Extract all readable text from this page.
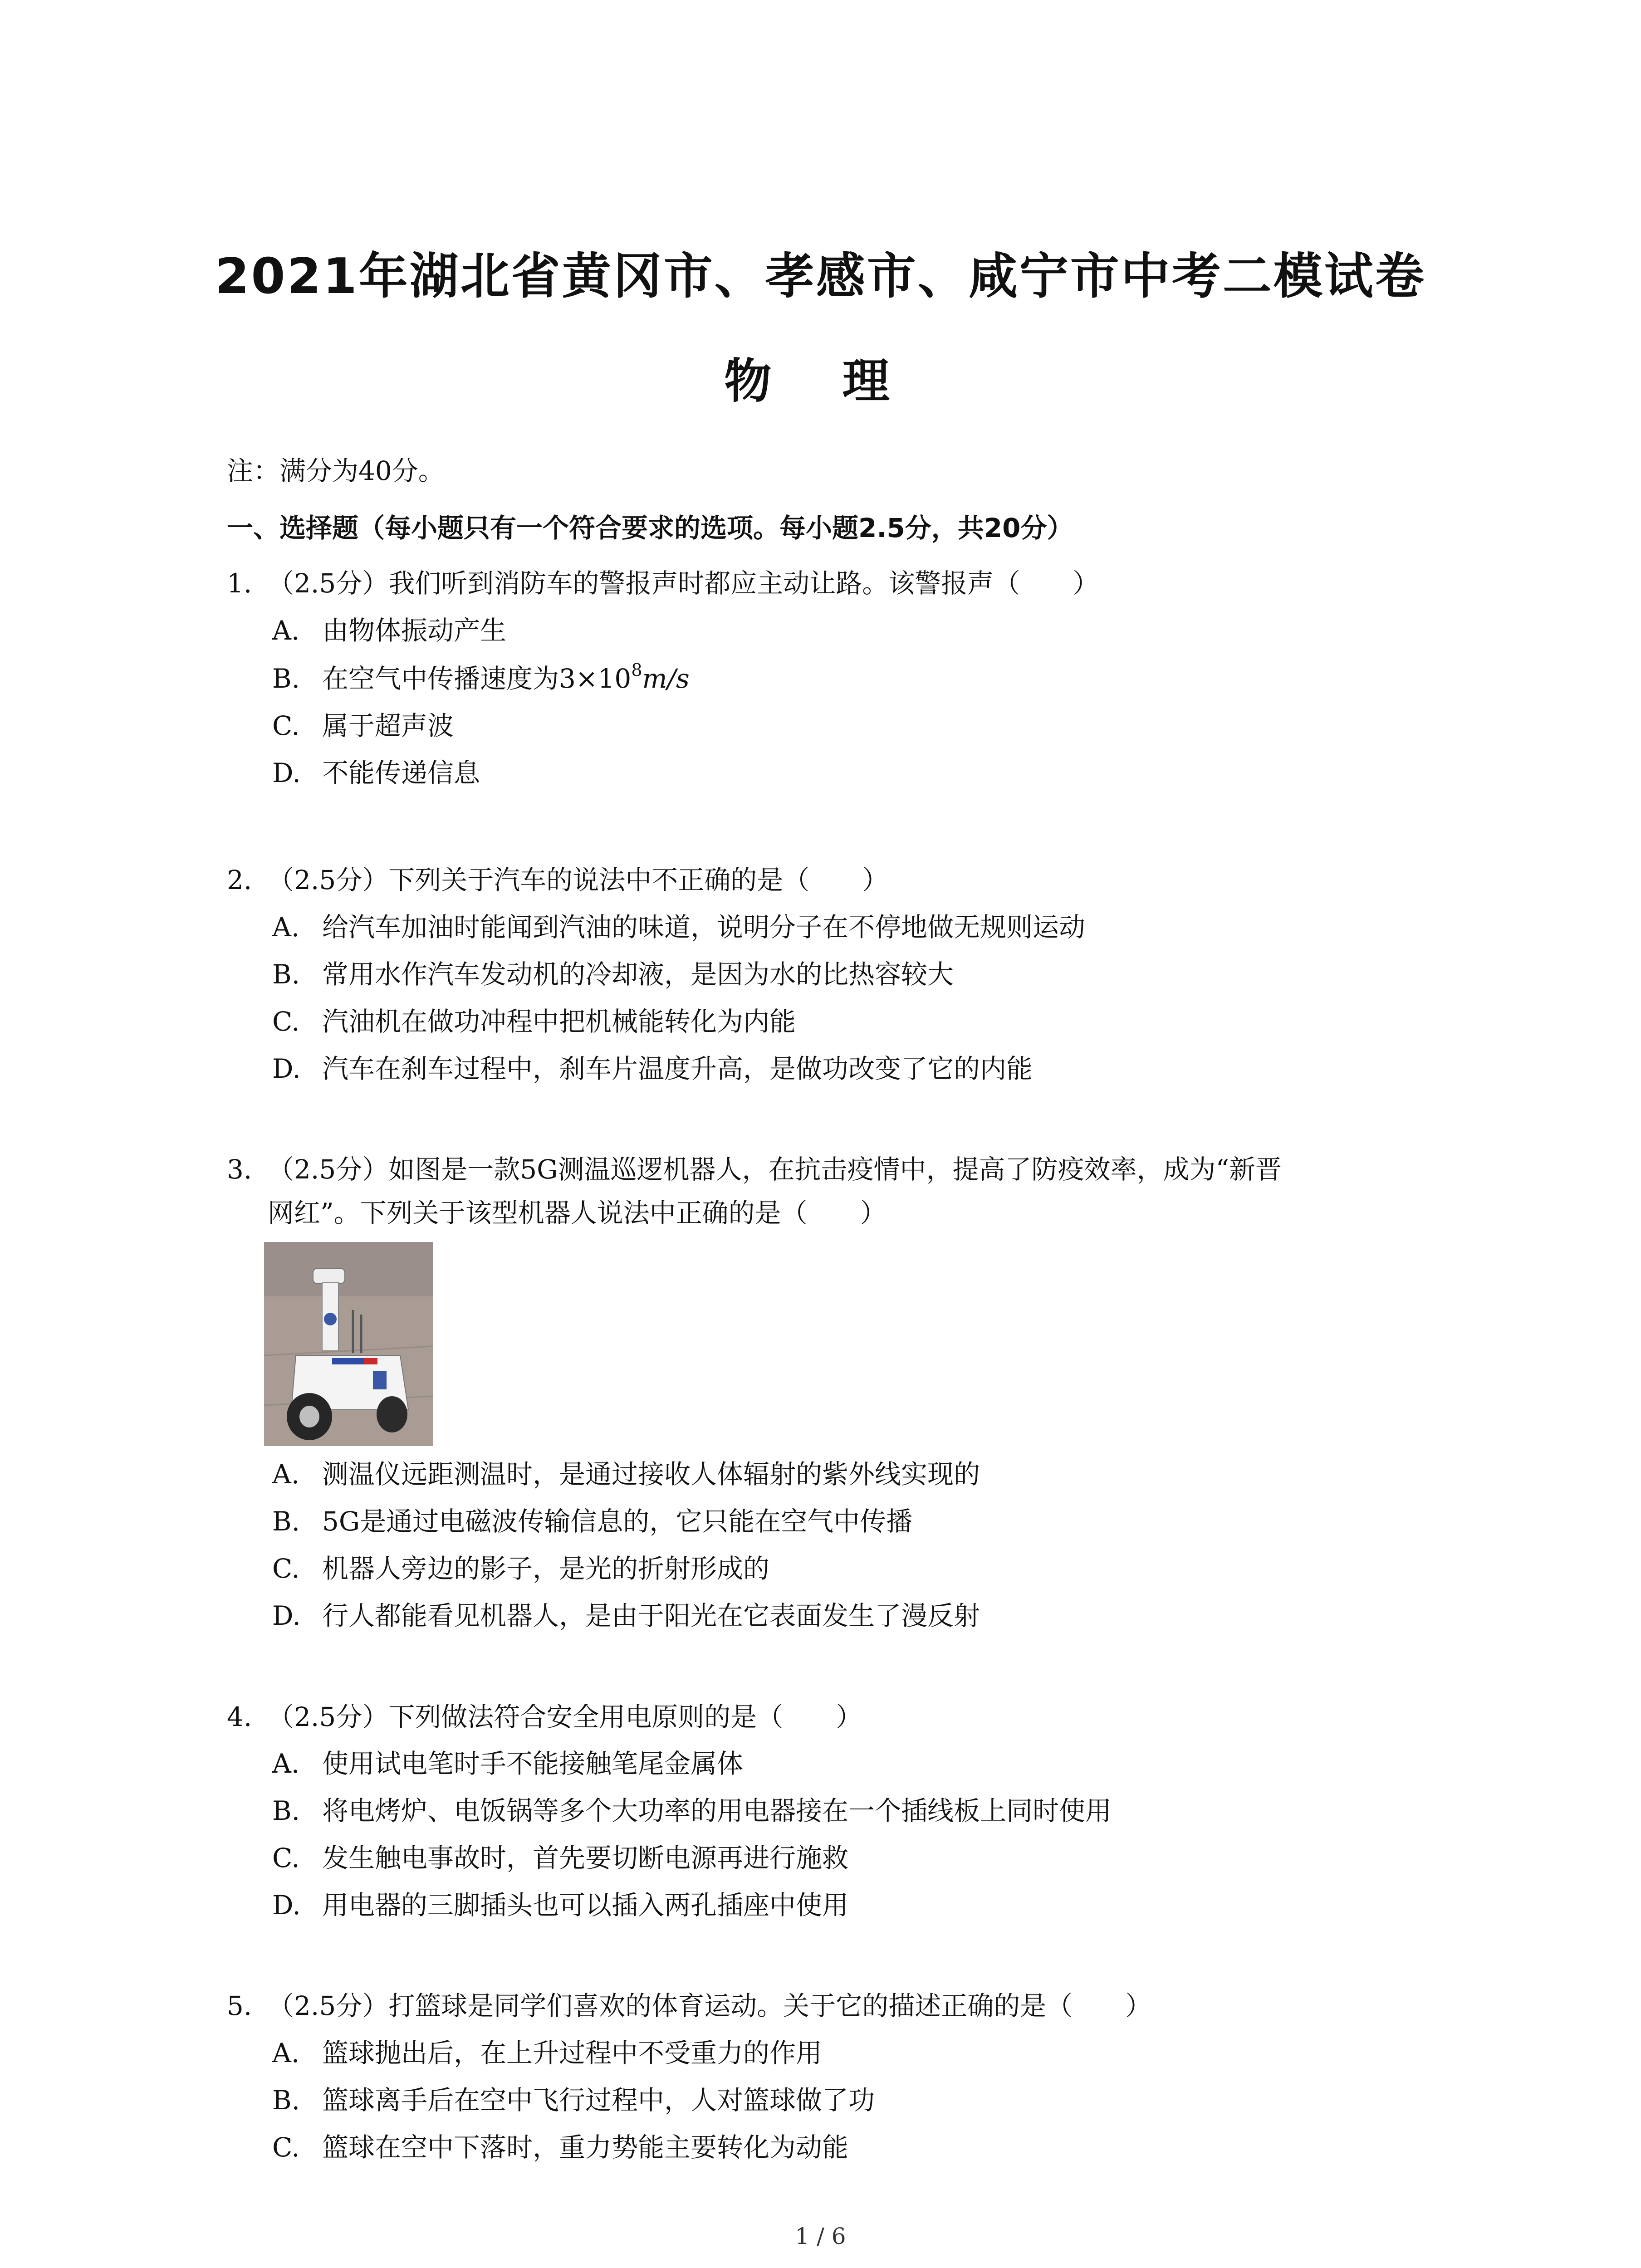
2021年湖北省黄冈市、孝感市、咸宁市中考二模试卷
物 理
注：满分为40分。
一、选择题（每小题只有一个符合要求的选项。每小题2.5分，共20分）
1. （2.5分）我们听到消防车的警报声时都应主动让路。该警报声（　　）
A. 由物体振动产生
B. 在空气中传播速度为$3\times 10^8m/s$
C. 属于超声波
D. 不能传递信息
2. （2.5分）下列关于汽车的说法中不正确的是（　　）
A. 给汽车加油时能闻到汽油的味道，说明分子在不停地做无规则运动
B. 常用水作汽车发动机的冷却液，是因为水的比热容较大
C. 汽油机在做功冲程中把机械能转化为内能
D. 汽车在刹车过程中，刹车片温度升高，是做功改变了它的内能
3. （2.5分）如图是一款5G测温巡逻机器人，在抗击疫情中，提高了防疫效率，成为“新晋
网红”。下列关于该型机器人说法中正确的是（　　）
A. 测温仪远距测温时，是通过接收人体辐射的紫外线实现的
B. 5G是通过电磁波传输信息的，它只能在空气中传播
C. 机器人旁边的影子，是光的折射形成的
D. 行人都能看见机器人，是由于阳光在它表面发生了漫反射
4. （2.5分）下列做法符合安全用电原则的是（　　）
A. 使用试电笔时手不能接触笔尾金属体
B. 将电烤炉、电饭锅等多个大功率的用电器接在一个插线板上同时使用
C. 发生触电事故时，首先要切断电源再进行施救
D. 用电器的三脚插头也可以插入两孔插座中使用
5. （2.5分）打篮球是同学们喜欢的体育运动。关于它的描述正确的是（　　）
A. 篮球抛出后，在上升过程中不受重力的作用
B. 篮球离手后在空中飞行过程中，人对篮球做了功
C. 篮球在空中下落时，重力势能主要转化为动能
1 / 6
